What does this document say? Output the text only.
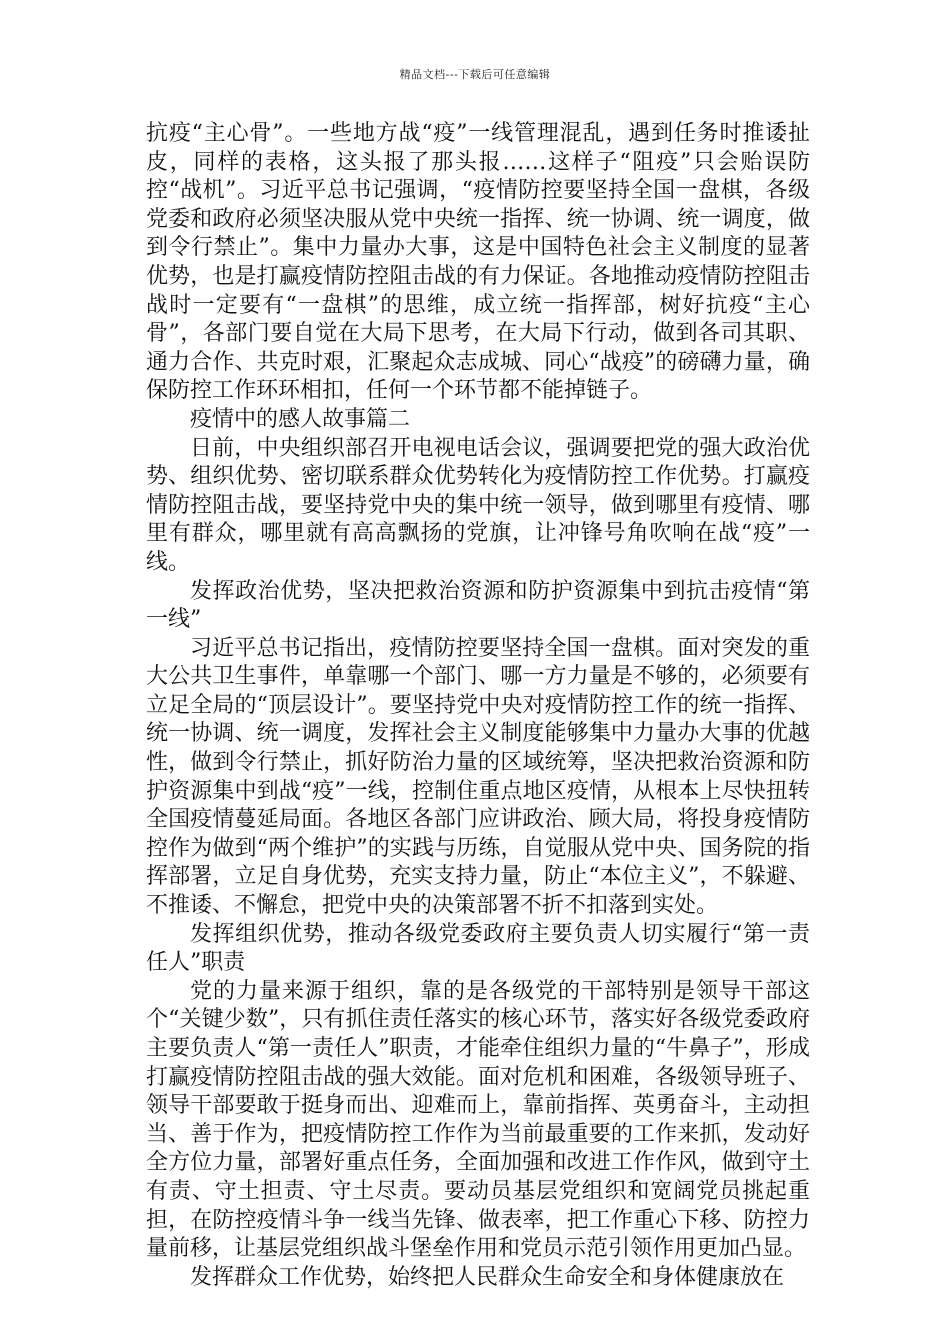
精品文档---下载后可任意编辑

抗疫“主心骨”。一些地方战“疫”一线管理混乱，遇到任务时推诿扯皮，同样的表格，这头报了那头报……这样子“阻疫”只会贻误防控“战机”。习近平总书记强调，“疫情防控要坚持全国一盘棋，各级党委和政府必须坚决服从党中央统一指挥、统一协调、统一调度，做到令行禁止”。集中力量办大事，这是中国特色社会主义制度的显著优势，也是打赢疫情防控阻击战的有力保证。各地推动疫情防控阻击战时一定要有“一盘棋”的思维，成立统一指挥部，树好抗疫“主心骨”，各部门要自觉在大局下思考，在大局下行动，做到各司其职、通力合作、共克时艰，汇聚起众志成城、同心“战疫”的磅礴力量，确保防控工作环环相扣，任何一个环节都不能掉链子。

疫情中的感人故事篇二

日前，中央组织部召开电视电话会议，强调要把党的强大政治优势、组织优势、密切联系群众优势转化为疫情防控工作优势。打赢疫情防控阻击战，要坚持党中央的集中统一领导，做到哪里有疫情、哪里有群众，哪里就有高高飘扬的党旗，让冲锋号角吹响在战“疫”一线。

发挥政治优势，坚决把救治资源和防护资源集中到抗击疫情“第一线”

习近平总书记指出，疫情防控要坚持全国一盘棋。面对突发的重大公共卫生事件，单靠哪一个部门、哪一方力量是不够的，必须要有立足全局的“顶层设计”。要坚持党中央对疫情防控工作的统一指挥、统一协调、统一调度，发挥社会主义制度能够集中力量办大事的优越性，做到令行禁止，抓好防治力量的区域统筹，坚决把救治资源和防护资源集中到战“疫”一线，控制住重点地区疫情，从根本上尽快扭转全国疫情蔓延局面。各地区各部门应讲政治、顾大局，将投身疫情防控作为做到“两个维护”的实践与历练，自觉服从党中央、国务院的指挥部署，立足自身优势，充实支持力量，防止“本位主义”，不躲避、不推诿、不懈怠，把党中央的决策部署不折不扣落到实处。

发挥组织优势，推动各级党委政府主要负责人切实履行“第一责任人”职责

党的力量来源于组织，靠的是各级党的干部特别是领导干部这个“关键少数”，只有抓住责任落实的核心环节，落实好各级党委政府主要负责人“第一责任人”职责，才能牵住组织力量的“牛鼻子”，形成打赢疫情防控阻击战的强大效能。面对危机和困难，各级领导班子、领导干部要敢于挺身而出、迎难而上，靠前指挥、英勇奋斗，主动担当、善于作为，把疫情防控工作作为当前最重要的工作来抓，发动好全方位力量，部署好重点任务，全面加强和改进工作作风，做到守土有责、守土担责、守土尽责。要动员基层党组织和宽阔党员挑起重担，在防控疫情斗争一线当先锋、做表率，把工作重心下移、防控力量前移，让基层党组织战斗堡垒作用和党员示范引领作用更加凸显。

发挥群众工作优势，始终把人民群众生命安全和身体健康放在
